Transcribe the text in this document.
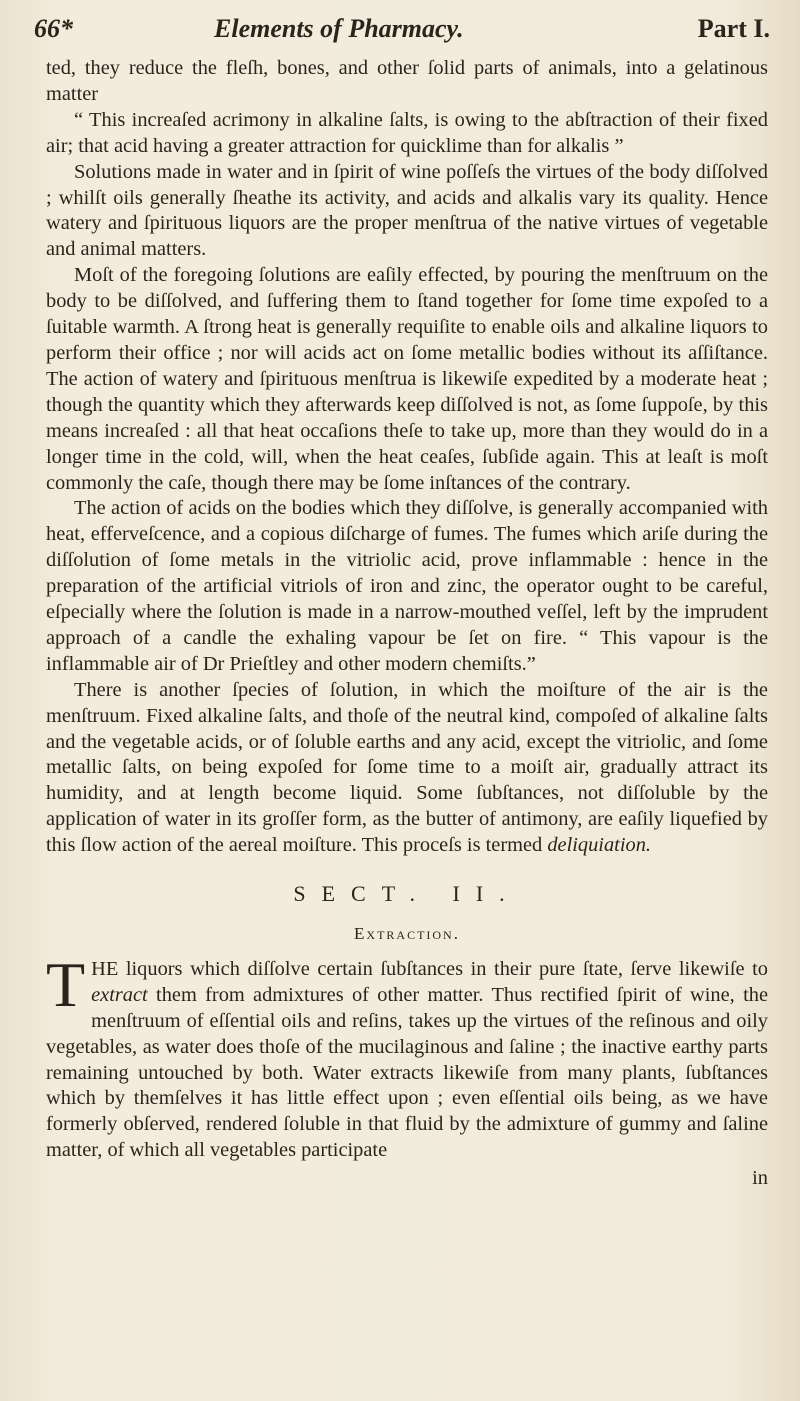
66*	Elements of Pharmacy.	Part I.

ted, they reduce the fleſh, bones, and other ſolid parts of animals, into a gelatinous matter

“ This increaſed acrimony in alkaline ſalts, is owing to the abſtraction of their fixed air; that acid having a greater attraction for quicklime than for alkalis ”

Solutions made in water and in ſpirit of wine poſſeſs the virtues of the body diſſolved ; whilſt oils generally ſheathe its activity, and acids and alkalis vary its quality. Hence watery and ſpirituous liquors are the proper menſtrua of the native virtues of vegetable and animal matters.

Moſt of the foregoing ſolutions are eaſily effected, by pouring the menſtruum on the body to be diſſolved, and ſuffering them to ſtand together for ſome time expoſed to a ſuitable warmth. A ſtrong heat is generally requiſite to enable oils and alkaline liquors to perform their office ; nor will acids act on ſome metallic bodies without its aſſiſtance. The action of watery and ſpirituous menſtrua is likewiſe expedited by a moderate heat ; though the quantity which they afterwards keep diſſolved is not, as ſome ſuppoſe, by this means increaſed : all that heat occaſions theſe to take up, more than they would do in a longer time in the cold, will, when the heat ceaſes, ſubſide again. This at leaſt is moſt commonly the caſe, though there may be ſome inſtances of the contrary.

The action of acids on the bodies which they diſſolve, is generally accompanied with heat, effervеſcence, and a copious diſcharge of fumes. The fumes which ariſe during the diſſolution of ſome metals in the vitriolic acid, prove inflammable : hence in the preparation of the artificial vitriols of iron and zinc, the operator ought to be careful, eſpecially where the ſolution is made in a narrow-mouthed veſſel, left by the imprudent approach of a candle the exhaling vapour be ſet on fire. “ This vapour is the inflammable air of Dr Prieſtley and other modern chemiſts.”

There is another ſpecies of ſolution, in which the moiſture of the air is the menſtruum. Fixed alkaline ſalts, and thoſe of the neutral kind, compoſed of alkaline ſalts and the vegetable acids, or of ſoluble earths and any acid, except the vitriolic, and ſome metallic ſalts, on being expoſed for ſome time to a moiſt air, gradually attract its humidity, and at length become liquid. Some ſubſtances, not diſſoluble by the application of water in its groſſer form, as the butter of antimony, are eaſily liquefied by this ſlow action of the aereal moiſture. This proceſs is termed deliquiation.

SECT. II.
Extraction.

THE liquors which diſſolve certain ſubſtances in their pure ſtate, ſerve likewiſe to extract them from admixtures of other matter. Thus rectified ſpirit of wine, the menſtruum of eſſential oils and reſins, takes up the virtues of the reſinous and oily vegetables, as water does thoſe of the mucilaginous and ſaline ; the inactive earthy parts remaining untouched by both. Water extracts likewiſe from many plants, ſubſtances which by themſelves it has little effect upon ; even eſſential oils being, as we have formerly obſerved, rendered ſoluble in that fluid by the admixture of gummy and ſaline matter, of which all vegetables participate

in
